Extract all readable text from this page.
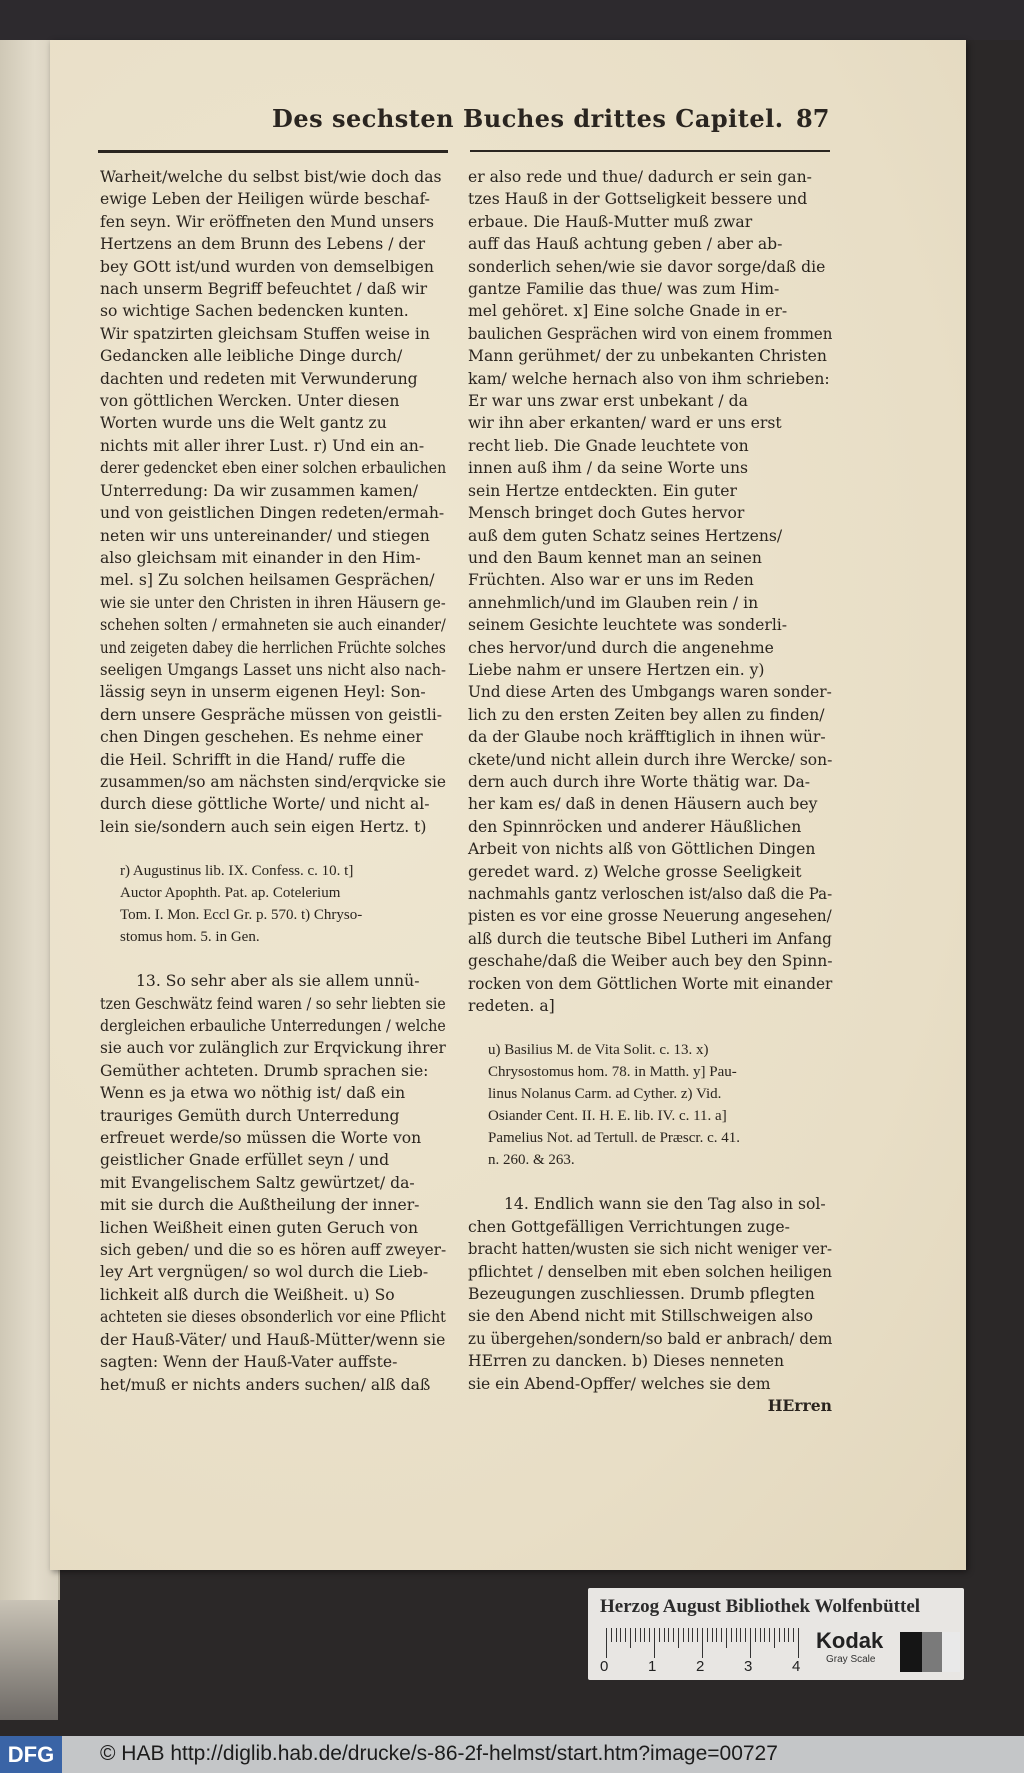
Des sechsten Buches drittes Capitel. 87
Warheit/welche du selbst bist/wie doch das
ewige Leben der Heiligen würde beschaf-
fen seyn. Wir eröffneten den Mund unsers
Hertzens an dem Brunn des Lebens / der
bey GOtt ist/und wurden von demselbigen
nach unserm Begriff befeuchtet / daß wir
so wichtige Sachen bedencken kunten.
Wir spatzirten gleichsam Stuffen weise in
Gedancken alle leibliche Dinge durch/
dachten und redeten mit Verwunderung
von göttlichen Wercken. Unter diesen
Worten wurde uns die Welt gantz zu
nichts mit aller ihrer Lust. r) Und ein an-
derer gedencket eben einer solchen erbaulichen
Unterredung: Da wir zusammen kamen/
und von geistlichen Dingen redeten/ermah-
neten wir uns untereinander/ und stiegen
also gleichsam mit einander in den Him-
mel. s] Zu solchen heilsamen Gesprächen/
wie sie unter den Christen in ihren Häusern ge-
schehen solten / ermahneten sie auch einander/
und zeigeten dabey die herrlichen Früchte solches
seeligen Umgangs Lasset uns nicht also nach-
lässig seyn in unserm eigenen Heyl: Son-
dern unsere Gespräche müssen von geistli-
chen Dingen geschehen. Es nehme einer
die Heil. Schrifft in die Hand/ ruffe die
zusammen/so am nächsten sind/erqvicke sie
durch diese göttliche Worte/ und nicht al-
lein sie/sondern auch sein eigen Hertz. t)
r) Augustinus lib. IX. Confess. c. 10. t]
Auctor Apophth. Pat. ap. Cotelerium
Tom. I. Mon. Eccl Gr. p. 570. t) Chryso-
stomus hom. 5. in Gen.
13. So sehr aber als sie allem unnü-
tzen Geschwätz feind waren / so sehr liebten sie
dergleichen erbauliche Unterredungen / welche
sie auch vor zulänglich zur Erqvickung ihrer
Gemüther achteten. Drumb sprachen sie:
Wenn es ja etwa wo nöthig ist/ daß ein
trauriges Gemüth durch Unterredung
erfreuet werde/so müssen die Worte von
geistlicher Gnade erfüllet seyn / und
mit Evangelischem Saltz gewürtzet/ da-
mit sie durch die Außtheilung der inner-
lichen Weißheit einen guten Geruch von
sich geben/ und die so es hören auff zweyer-
ley Art vergnügen/ so wol durch die Lieb-
lichkeit alß durch die Weißheit. u) So
achteten sie dieses obsonderlich vor eine Pflicht
der Hauß-Väter/ und Hauß-Mütter/wenn sie
sagten: Wenn der Hauß-Vater auffste-
het/muß er nichts anders suchen/ alß daß
er also rede und thue/ dadurch er sein gan-
tzes Hauß in der Gottseligkeit bessere und
erbaue. Die Hauß-Mutter muß zwar
auff das Hauß achtung geben / aber ab-
sonderlich sehen/wie sie davor sorge/daß die
gantze Familie das thue/ was zum Him-
mel gehöret. x] Eine solche Gnade in er-
baulichen Gesprächen wird von einem frommen
Mann gerühmet/ der zu unbekanten Christen
kam/ welche hernach also von ihm schrieben:
Er war uns zwar erst unbekant / da
wir ihn aber erkanten/ ward er uns erst
recht lieb. Die Gnade leuchtete von
innen auß ihm / da seine Worte uns
sein Hertze entdeckten. Ein guter
Mensch bringet doch Gutes hervor
auß dem guten Schatz seines Hertzens/
und den Baum kennet man an seinen
Früchten. Also war er uns im Reden
annehmlich/und im Glauben rein / in
seinem Gesichte leuchtete was sonderli-
ches hervor/und durch die angenehme
Liebe nahm er unsere Hertzen ein. y)
Und diese Arten des Umbgangs waren sonder-
lich zu den ersten Zeiten bey allen zu finden/
da der Glaube noch kräfftiglich in ihnen wür-
ckete/und nicht allein durch ihre Wercke/ son-
dern auch durch ihre Worte thätig war. Da-
her kam es/ daß in denen Häusern auch bey
den Spinnröcken und anderer Häußlichen
Arbeit von nichts alß von Göttlichen Dingen
geredet ward. z) Welche grosse Seeligkeit
nachmahls gantz verloschen ist/also daß die Pa-
pisten es vor eine grosse Neuerung angesehen/
alß durch die teutsche Bibel Lutheri im Anfang
geschahe/daß die Weiber auch bey den Spinn-
rocken von dem Göttlichen Worte mit einander
redeten. a]
u) Basilius M. de Vita Solit. c. 13. x)
Chrysostomus hom. 78. in Matth. y] Pau-
linus Nolanus Carm. ad Cyther. z) Vid.
Osiander Cent. II. H. E. lib. IV. c. 11. a]
Pamelius Not. ad Tertull. de Præscr. c. 41.
n. 260. & 263.
14. Endlich wann sie den Tag also in sol-
chen Gottgefälligen Verrichtungen zuge-
bracht hatten/wusten sie sich nicht weniger ver-
pflichtet / denselben mit eben solchen heiligen
Bezeugungen zuschliessen. Drumb pflegten
sie den Abend nicht mit Stillschweigen also
zu übergehen/sondern/so bald er anbrach/ dem
HErren zu dancken. b) Dieses nenneten
sie ein Abend-Opffer/ welches sie dem
HErren
Herzog August Bibliothek Wolfenbüttel
0	1	2	3	4
Kodak
Gray Scale
DFG	© HAB http://diglib.hab.de/drucke/s-86-2f-helmst/start.htm?image=00727
